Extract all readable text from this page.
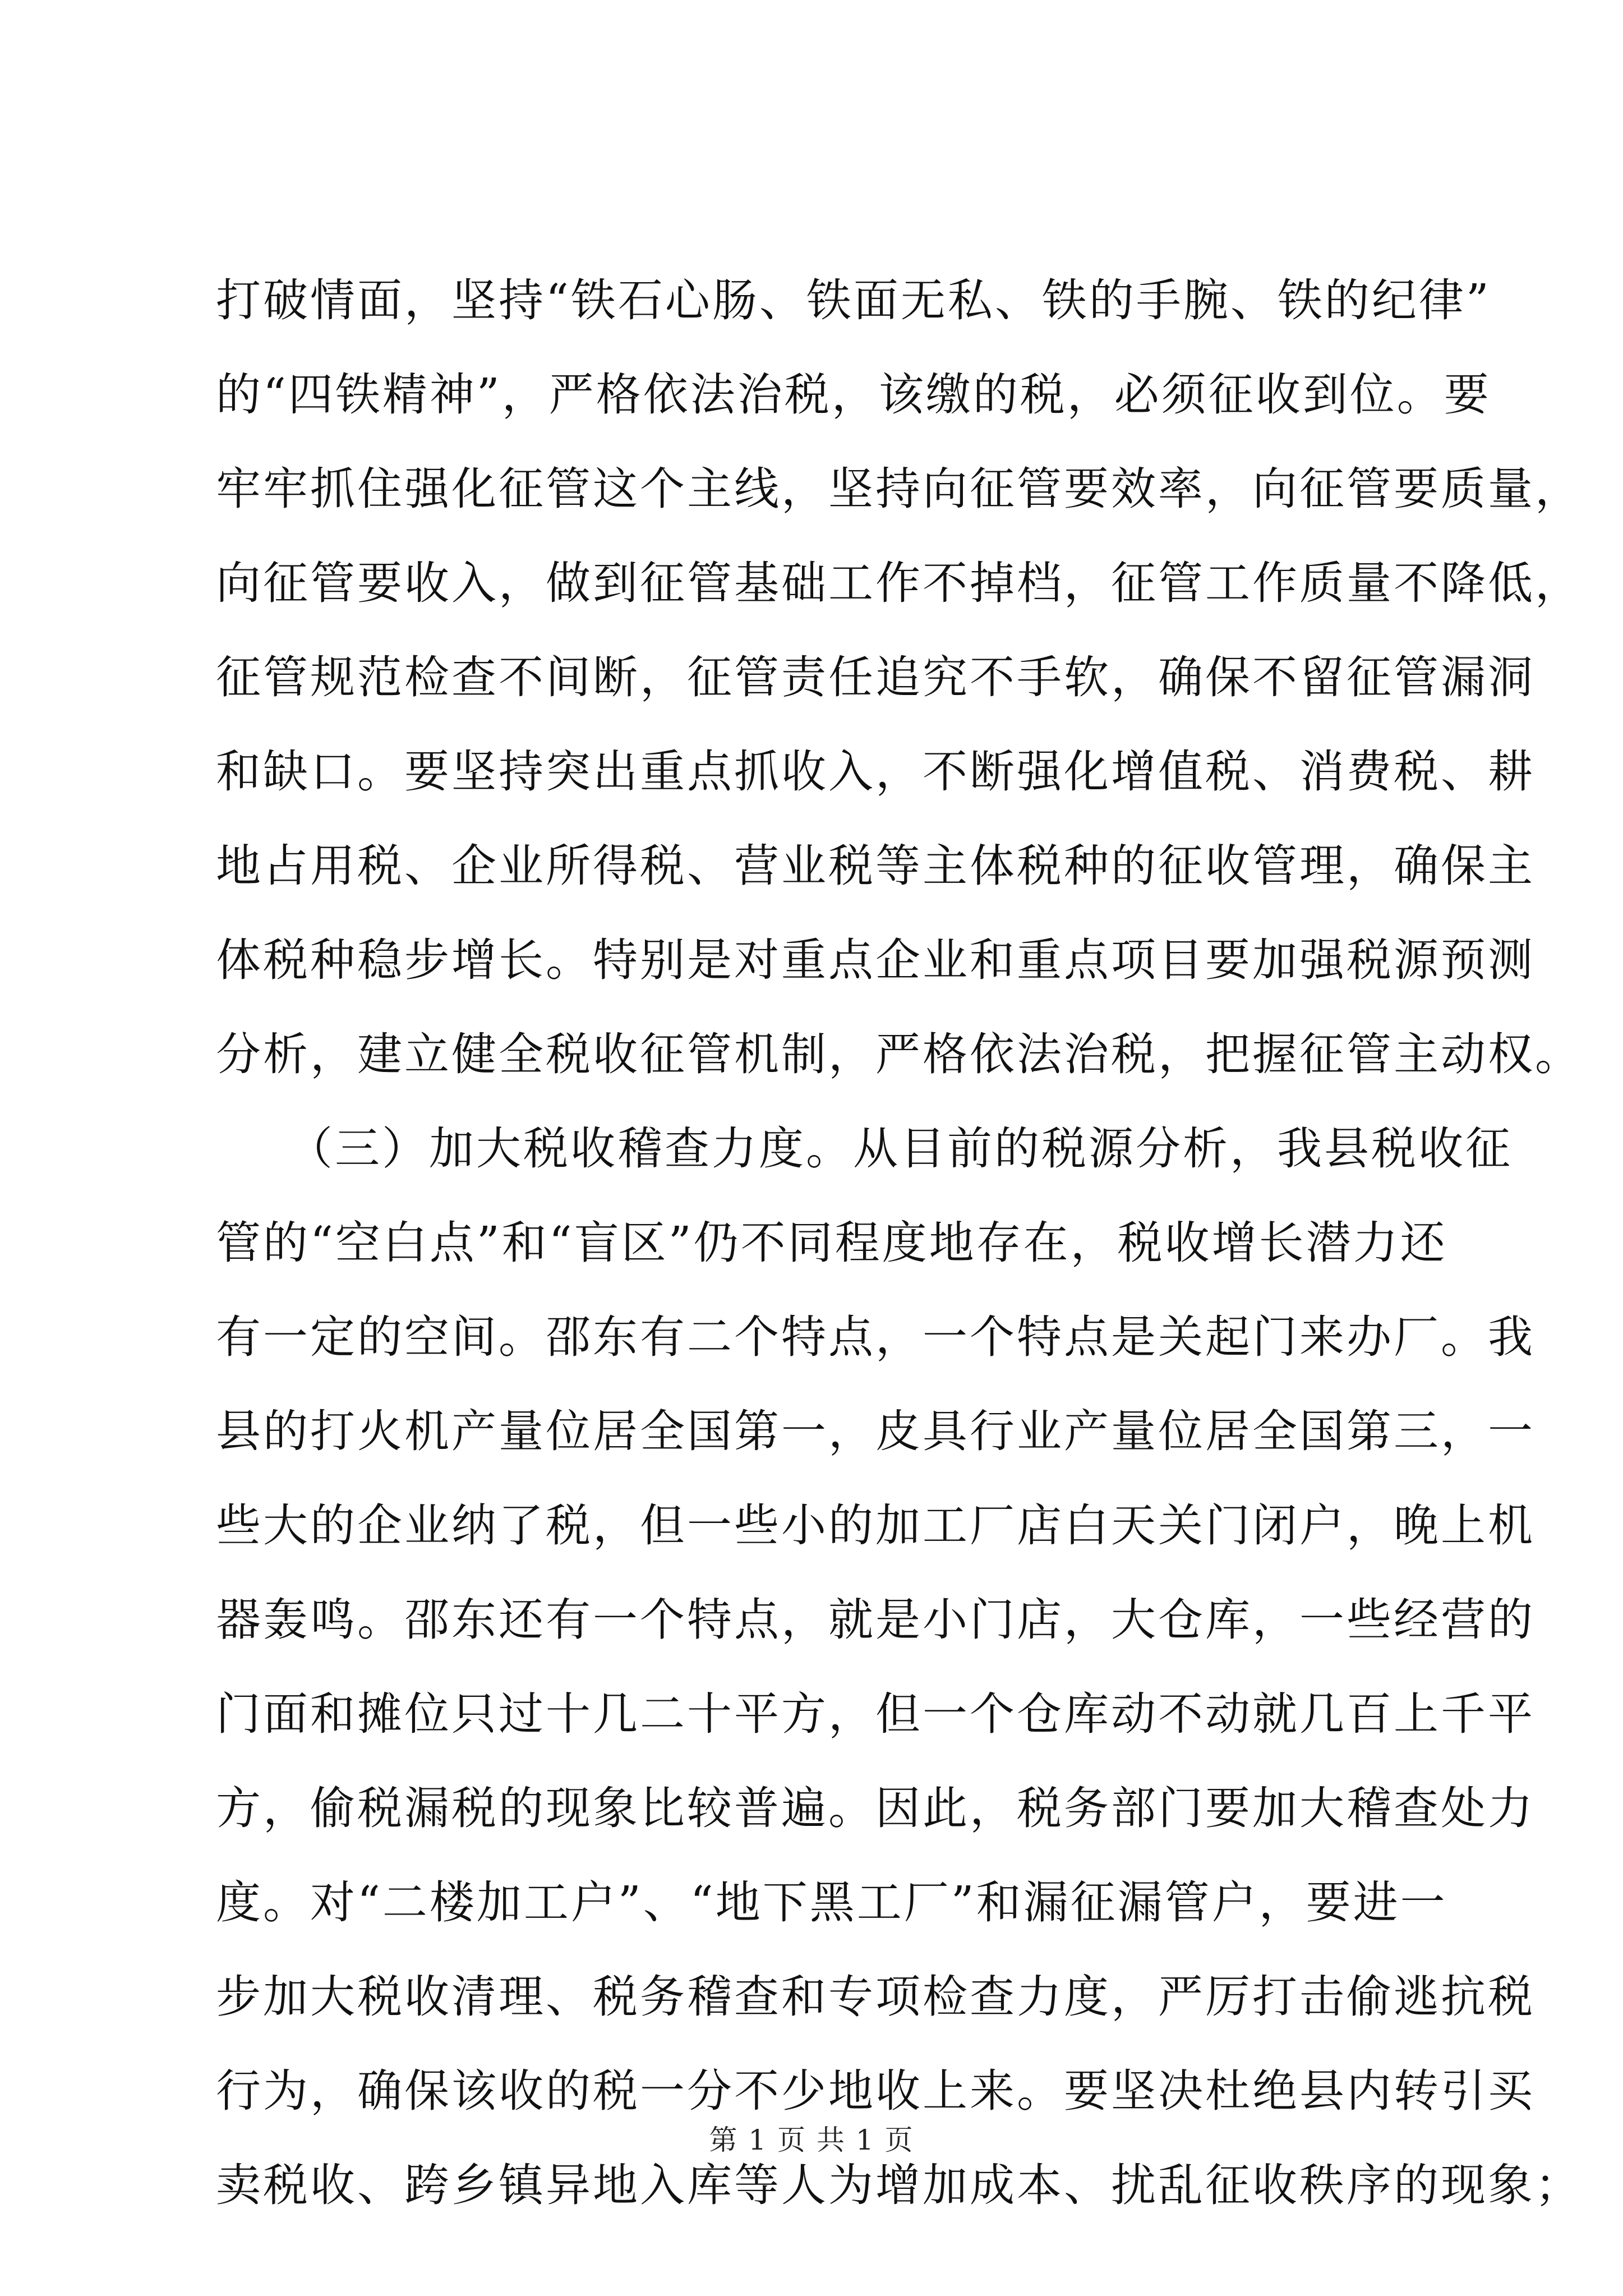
打破情面，坚持“铁石心肠、铁面无私、铁的手腕、铁的纪律”
的“四铁精神”，严格依法治税，该缴的税，必须征收到位。要
牢牢抓住强化征管这个主线，坚持向征管要效率，向征管要质量，
向征管要收入，做到征管基础工作不掉档，征管工作质量不降低，
征管规范检查不间断，征管责任追究不手软，确保不留征管漏洞
和缺口。要坚持突出重点抓收入，不断强化增值税、消费税、耕
地占用税、企业所得税、营业税等主体税种的征收管理，确保主
体税种稳步增长。特别是对重点企业和重点项目要加强税源预测
分析，建立健全税收征管机制，严格依法治税，把握征管主动权。
　　（三）加大税收稽查力度。从目前的税源分析，我县税收征
管的“空白点”和“盲区”仍不同程度地存在，税收增长潜力还
有一定的空间。邵东有二个特点，一个特点是关起门来办厂。我
县的打火机产量位居全国第一，皮具行业产量位居全国第三，一
些大的企业纳了税，但一些小的加工厂店白天关门闭户，晚上机
器轰鸣。邵东还有一个特点，就是小门店，大仓库，一些经营的
门面和摊位只过十几二十平方，但一个仓库动不动就几百上千平
方，偷税漏税的现象比较普遍。因此，税务部门要加大稽查处力
度。对“二楼加工户”、“地下黑工厂”和漏征漏管户，要进一
步加大税收清理、税务稽查和专项检查力度，严厉打击偷逃抗税
行为，确保该收的税一分不少地收上来。要坚决杜绝县内转引买
卖税收、跨乡镇异地入库等人为增加成本、扰乱征收秩序的现象；
第 1 页 共 1 页
